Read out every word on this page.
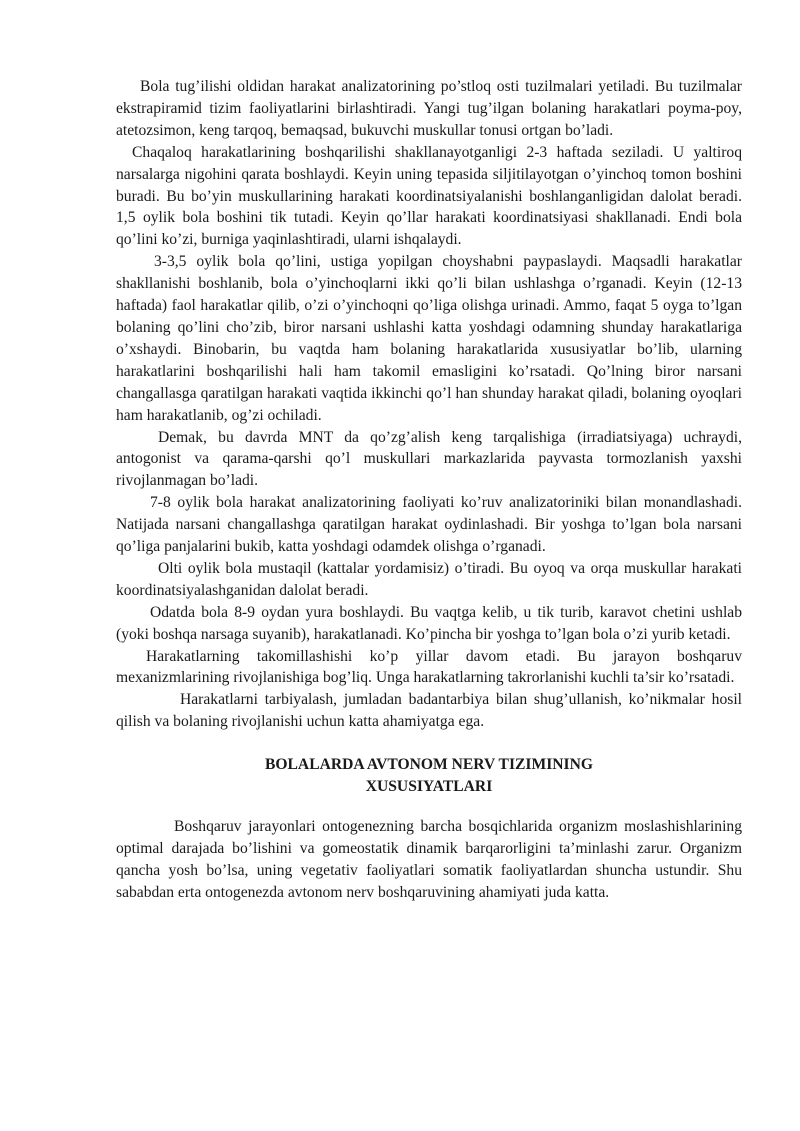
Bola tug’ilishi oldidan harakat analizatorining po’stloq osti tuzilmalari yetiladi. Bu tuzilmalar ekstrapiramid tizim faoliyatlarini birlashtiradi. Yangi tug’ilgan bolaning harakatlari poyma-poy, atetozsimon, keng tarqoq, bemaqsad, bukuvchi muskullar tonusi ortgan bo’ladi.

Chaqaloq harakatlarining boshqarilishi shakllanayotganligi 2-3 haftada seziladi. U yaltiroq narsalarga nigohini qarata boshlaydi. Keyin uning tepasida siljitilayotgan o’yinchoq tomon boshini buradi. Bu bo’yin muskullarining harakati koordinatsiyalanishi boshlanganligidan dalolat beradi. 1,5 oylik bola boshini tik tutadi. Keyin qo’llar harakati koordinatsiyasi shakllanadi. Endi bola qo’lini ko’zi, burniga yaqinlashtiradi, ularni ishqalaydi.

3-3,5 oylik bola qo’lini, ustiga yopilgan choyshabni paypaslaydi. Maqsadli harakatlar shakllanishi boshlanib, bola o’yinchoqlarni ikki qo’li bilan ushlashga o’rganadi. Keyin (12-13 haftada) faol harakatlar qilib, o’zi o’yinchoqni qo’liga olishga urinadi. Ammo, faqat 5 oyga to’lgan bolaning qo’lini cho’zib, biror narsani ushlashi katta yoshdagi odamning shunday harakatlariga o’xshaydi. Binobarin, bu vaqtda ham bolaning harakatlarida xususiyatlar bo’lib, ularning harakatlarini boshqarilishi hali ham takomil emasligini ko’rsatadi. Qo’lning biror narsani changallasga qaratilgan harakati vaqtida ikkinchi qo’l han shunday harakat qiladi, bolaning oyoqlari ham harakatlanib, og’zi ochiladi.

Demak, bu davrda MNT da qo’zg’alish keng tarqalishiga (irradiatsiyaga) uchraydi, antogonist va qarama-qarshi qo’l muskullari markazlarida payvasta tormozlanish yaxshi rivojlanmagan bo’ladi.

7-8 oylik bola harakat analizatorining faoliyati ko’ruv analizatoriniki bilan monandlashadi. Natijada narsani changallashga qaratilgan harakat oydinlashadi. Bir yoshga to’lgan bola narsani qo’liga panjalarini bukib, katta yoshdagi odamdek olishga o’rganadi.

Olti oylik bola mustaqil (kattalar yordamisiz) o’tiradi. Bu oyoq va orqa muskullar harakati koordinatsiyalashganidan dalolat beradi.

Odatda bola 8-9 oydan yura boshlaydi. Bu vaqtga kelib, u tik turib, karavot chetini ushlab (yoki boshqa narsaga suyanib), harakatlanadi. Ko’pincha bir yoshga to’lgan bola o’zi yurib ketadi.

Harakatlarning takomillashishi ko’p yillar davom etadi. Bu jarayon boshqaruv mexanizmlarining rivojlanishiga bog’liq. Unga harakatlarning takrorlanishi kuchli ta’sir ko’rsatadi.

Harakatlarni tarbiyalash, jumladan badantarbiya bilan shug’ullanish, ko’nikmalar hosil qilish va bolaning rivojlanishi uchun katta ahamiyatga ega.

BOLALARDA AVTONOM NERV TIZIMINING
XUSUSIYATLARI

Boshqaruv jarayonlari ontogenezning barcha bosqichlarida organizm moslashishlarining optimal darajada bo’lishini va gomeostatik dinamik barqarorligini ta’minlashi zarur. Organizm qancha yosh bo’lsa, uning vegetativ faoliyatlari somatik faoliyatlardan shuncha ustundir. Shu sababdan erta ontogenezda avtonom nerv boshqaruvining ahamiyati juda katta.
